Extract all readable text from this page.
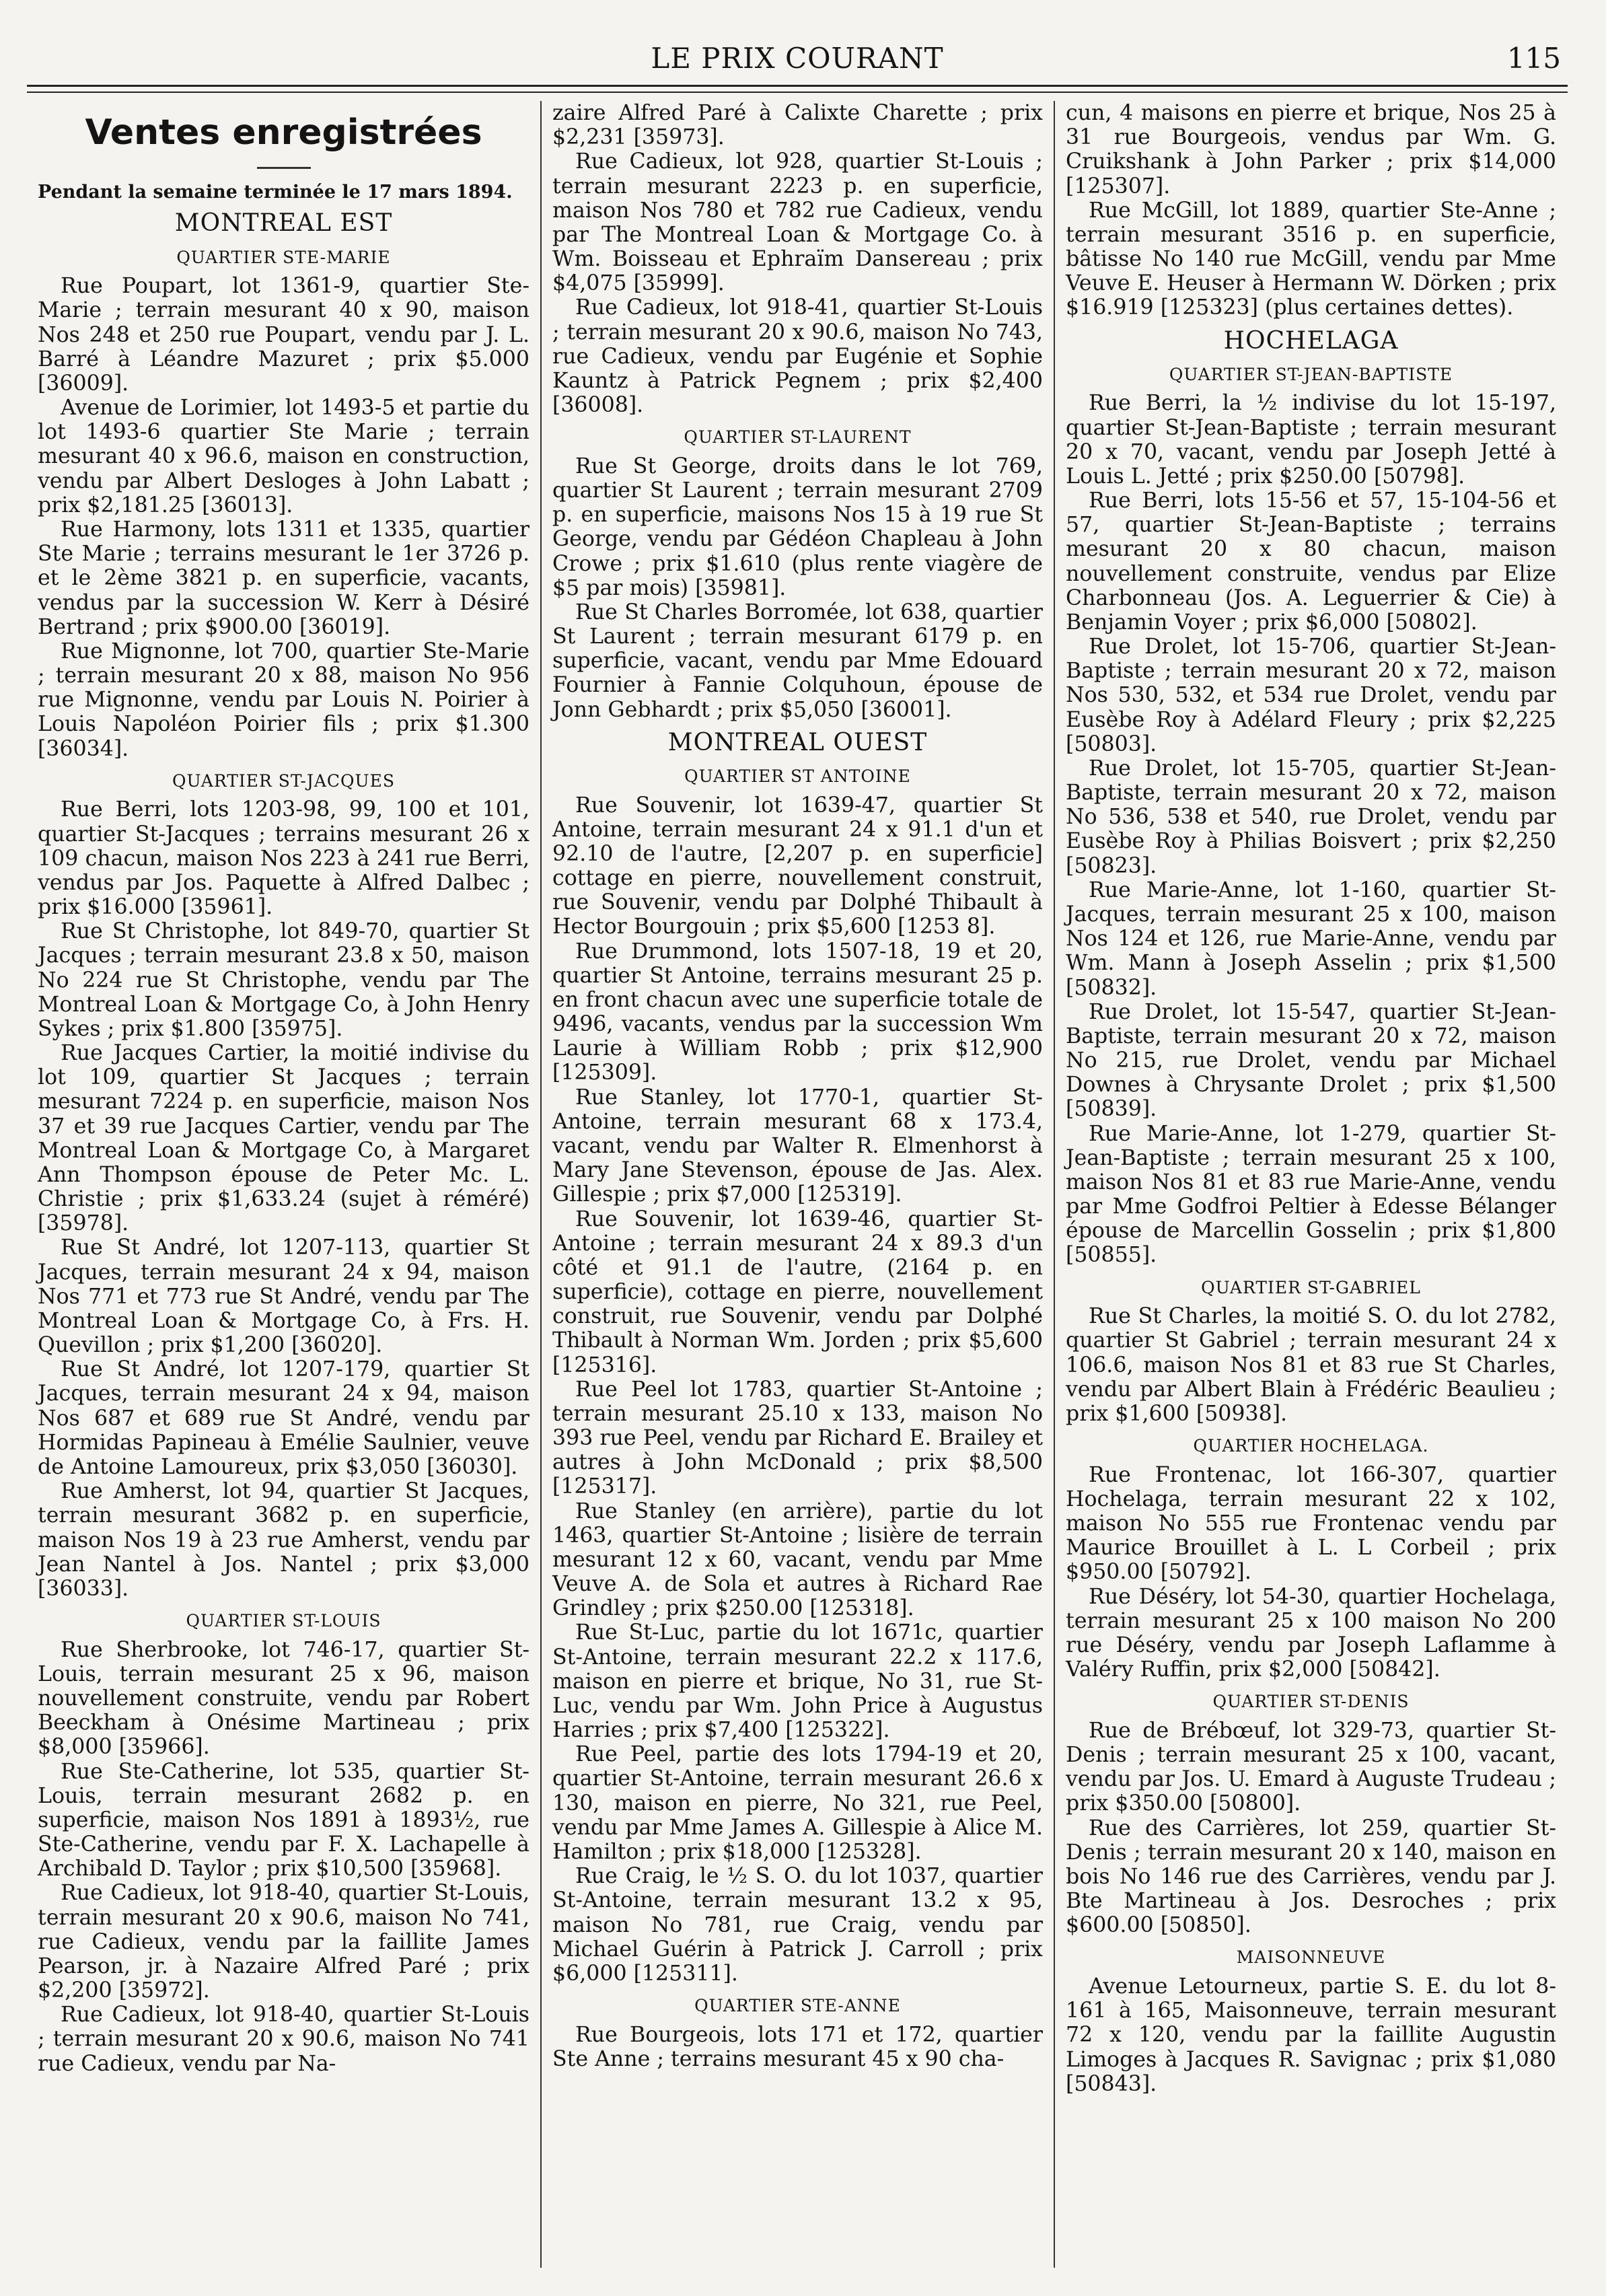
LE PRIX COURANT	115
Ventes enregistrées

Pendant la semaine terminée le 17 mars 1894.

MONTREAL EST
QUARTIER STE-MARIE

Rue Poupart, lot 1361-9, quartier Ste-Marie ; terrain mesurant 40 x 90, maison Nos 248 et 250 rue Poupart, vendu par J. L. Barré à Léandre Mazuret ; prix $5.000 [36009].

Avenue de Lorimier, lot 1493-5 et partie du lot 1493-6 quartier Ste Marie ; terrain mesurant 40 x 96.6, maison en construction, vendu par Albert Desloges à John Labatt ; prix $2,181.25 [36013].

Rue Harmony, lots 1311 et 1335, quartier Ste Marie ; terrains mesurant le 1er 3726 p. et le 2ème 3821 p. en superficie, vacants, vendus par la succession W. Kerr à Désiré Bertrand ; prix $900.00 [36019].

Rue Mignonne, lot 700, quartier Ste-Marie ; terrain mesurant 20 x 88, maison No 956 rue Mignonne, vendu par Louis N. Poirier à Louis Napoléon Poirier fils ; prix $1.300 [36034].

QUARTIER ST-JACQUES

Rue Berri, lots 1203-98, 99, 100 et 101, quartier St-Jacques ; terrains mesurant 26 x 109 chacun, maison Nos 223 à 241 rue Berri, vendus par Jos. Paquette à Alfred Dalbec ; prix $16.000 [35961].

Rue St Christophe, lot 849-70, quartier St Jacques ; terrain mesurant 23.8 x 50, maison No 224 rue St Christophe, vendu par The Montreal Loan & Mortgage Co, à John Henry Sykes ; prix $1.800 [35975].

Rue Jacques Cartier, la moitié indivise du lot 109, quartier St Jacques ; terrain mesurant 7224 p. en superficie, maison Nos 37 et 39 rue Jacques Cartier, vendu par The Montreal Loan & Mortgage Co, à Margaret Ann Thompson épouse de Peter Mc. L. Christie ; prix $1,633.24 (sujet à réméré) [35978].

Rue St André, lot 1207-113, quartier St Jacques, terrain mesurant 24 x 94, maison Nos 771 et 773 rue St André, vendu par The Montreal Loan & Mortgage Co, à Frs. H. Quevillon ; prix $1,200 [36020].

Rue St André, lot 1207-179, quartier St Jacques, terrain mesurant 24 x 94, maison Nos 687 et 689 rue St André, vendu par Hormidas Papineau à Emélie Saulnier, veuve de Antoine Lamoureux, prix $3,050 [36030].

Rue Amherst, lot 94, quartier St Jacques, terrain mesurant 3682 p. en superficie, maison Nos 19 à 23 rue Amherst, vendu par Jean Nantel à Jos. Nantel ; prix $3,000 [36033].

QUARTIER ST-LOUIS

Rue Sherbrooke, lot 746-17, quartier St-Louis, terrain mesurant 25 x 96, maison nouvellement construite, vendu par Robert Beeckham à Onésime Martineau ; prix $8,000 [35966].

Rue Ste-Catherine, lot 535, quartier St-Louis, terrain mesurant 2682 p. en superficie, maison Nos 1891 à 1893½, rue Ste-Catherine, vendu par F. X. Lachapelle à Archibald D. Taylor ; prix $10,500 [35968].

Rue Cadieux, lot 918-40, quartier St-Louis, terrain mesurant 20 x 90.6, maison No 741, rue Cadieux, vendu par la faillite James Pearson, jr. à Nazaire Alfred Paré ; prix $2,200 [35972].

Rue Cadieux, lot 918-40, quartier St-Louis ; terrain mesurant 20 x 90.6, maison No 741 rue Cadieux, vendu par Na-

zaire Alfred Paré à Calixte Charette ; prix $2,231 [35973].

Rue Cadieux, lot 928, quartier St-Louis ; terrain mesurant 2223 p. en superficie, maison Nos 780 et 782 rue Cadieux, vendu par The Montreal Loan & Mortgage Co. à Wm. Boisseau et Ephraïm Dansereau ; prix $4,075 [35999].

Rue Cadieux, lot 918-41, quartier St-Louis ; terrain mesurant 20 x 90.6, maison No 743, rue Cadieux, vendu par Eugénie et Sophie Kauntz à Patrick Pegnem ; prix $2,400 [36008].

QUARTIER ST-LAURENT

Rue St George, droits dans le lot 769, quartier St Laurent ; terrain mesurant 2709 p. en superficie, maisons Nos 15 à 19 rue St George, vendu par Gédéon Chapleau à John Crowe ; prix $1.610 (plus rente viagère de $5 par mois) [35981].

Rue St Charles Borromée, lot 638, quartier St Laurent ; terrain mesurant 6179 p. en superficie, vacant, vendu par Mme Edouard Fournier à Fannie Colquhoun, épouse de Jonn Gebhardt ; prix $5,050 [36001].

MONTREAL OUEST
QUARTIER ST ANTOINE

Rue Souvenir, lot 1639-47, quartier St Antoine, terrain mesurant 24 x 91.1 d'un et 92.10 de l'autre, [2,207 p. en superficie] cottage en pierre, nouvellement construit, rue Souvenir, vendu par Dolphé Thibault à Hector Bourgouin ; prix $5,600 [1253 8].

Rue Drummond, lots 1507-18, 19 et 20, quartier St Antoine, terrains mesurant 25 p. en front chacun avec une superficie totale de 9496, vacants, vendus par la succession Wm Laurie à William Robb ; prix $12,900 [125309].

Rue Stanley, lot 1770-1, quartier St-Antoine, terrain mesurant 68 x 173.4, vacant, vendu par Walter R. Elmenhorst à Mary Jane Stevenson, épouse de Jas. Alex. Gillespie ; prix $7,000 [125319].

Rue Souvenir, lot 1639-46, quartier St-Antoine ; terrain mesurant 24 x 89.3 d'un côté et 91.1 de l'autre, (2164 p. en superficie), cottage en pierre, nouvellement construit, rue Souvenir, vendu par Dolphé Thibault à Norman Wm. Jorden ; prix $5,600 [125316].

Rue Peel lot 1783, quartier St-Antoine ; terrain mesurant 25.10 x 133, maison No 393 rue Peel, vendu par Richard E. Brailey et autres à John McDonald ; prix $8,500 [125317].

Rue Stanley (en arrière), partie du lot 1463, quartier St-Antoine ; lisière de terrain mesurant 12 x 60, vacant, vendu par Mme Veuve A. de Sola et autres à Richard Rae Grindley ; prix $250.00 [125318].

Rue St-Luc, partie du lot 1671c, quartier St-Antoine, terrain mesurant 22.2 x 117.6, maison en pierre et brique, No 31, rue St-Luc, vendu par Wm. John Price à Augustus Harries ; prix $7,400 [125322].

Rue Peel, partie des lots 1794-19 et 20, quartier St-Antoine, terrain mesurant 26.6 x 130, maison en pierre, No 321, rue Peel, vendu par Mme James A. Gillespie à Alice M. Hamilton ; prix $18,000 [125328].

Rue Craig, le ½ S. O. du lot 1037, quartier St-Antoine, terrain mesurant 13.2 x 95, maison No 781, rue Craig, vendu par Michael Guérin à Patrick J. Carroll ; prix $6,000 [125311].

QUARTIER STE-ANNE

Rue Bourgeois, lots 171 et 172, quartier Ste Anne ; terrains mesurant 45 x 90 cha-

cun, 4 maisons en pierre et brique, Nos 25 à 31 rue Bourgeois, vendus par Wm. G. Cruikshank à John Parker ; prix $14,000 [125307].

Rue McGill, lot 1889, quartier Ste-Anne ; terrain mesurant 3516 p. en superficie, bâtisse No 140 rue McGill, vendu par Mme Veuve E. Heuser à Hermann W. Dörken ; prix $16.919 [125323] (plus certaines dettes).

HOCHELAGA
QUARTIER ST-JEAN-BAPTISTE

Rue Berri, la ½ indivise du lot 15-197, quartier St-Jean-Baptiste ; terrain mesurant 20 x 70, vacant, vendu par Joseph Jetté à Louis L. Jetté ; prix $250.00 [50798].

Rue Berri, lots 15-56 et 57, 15-104-56 et 57, quartier St-Jean-Baptiste ; terrains mesurant 20 x 80 chacun, maison nouvellement construite, vendus par Elize Charbonneau (Jos. A. Leguerrier & Cie) à Benjamin Voyer ; prix $6,000 [50802].

Rue Drolet, lot 15-706, quartier St-Jean-Baptiste ; terrain mesurant 20 x 72, maison Nos 530, 532, et 534 rue Drolet, vendu par Eusèbe Roy à Adélard Fleury ; prix $2,225 [50803].

Rue Drolet, lot 15-705, quartier St-Jean-Baptiste, terrain mesurant 20 x 72, maison No 536, 538 et 540, rue Drolet, vendu par Eusèbe Roy à Philias Boisvert ; prix $2,250 [50823].

Rue Marie-Anne, lot 1-160, quartier St-Jacques, terrain mesurant 25 x 100, maison Nos 124 et 126, rue Marie-Anne, vendu par Wm. Mann à Joseph Asselin ; prix $1,500 [50832].

Rue Drolet, lot 15-547, quartier St-Jean-Baptiste, terrain mesurant 20 x 72, maison No 215, rue Drolet, vendu par Michael Downes à Chrysante Drolet ; prix $1,500 [50839].

Rue Marie-Anne, lot 1-279, quartier St-Jean-Baptiste ; terrain mesurant 25 x 100, maison Nos 81 et 83 rue Marie-Anne, vendu par Mme Godfroi Peltier à Edesse Bélanger épouse de Marcellin Gosselin ; prix $1,800 [50855].

QUARTIER ST-GABRIEL

Rue St Charles, la moitié S. O. du lot 2782, quartier St Gabriel ; terrain mesurant 24 x 106.6, maison Nos 81 et 83 rue St Charles, vendu par Albert Blain à Frédéric Beaulieu ; prix $1,600 [50938].

QUARTIER HOCHELAGA.

Rue Frontenac, lot 166-307, quartier Hochelaga, terrain mesurant 22 x 102, maison No 555 rue Frontenac vendu par Maurice Brouillet à L. L Corbeil ; prix $950.00 [50792].

Rue Déséry, lot 54-30, quartier Hochelaga, terrain mesurant 25 x 100 maison No 200 rue Déséry, vendu par Joseph Laflamme à Valéry Ruffin, prix $2,000 [50842].

QUARTIER ST-DENIS

Rue de Brébœuf, lot 329-73, quartier St-Denis ; terrain mesurant 25 x 100, vacant, vendu par Jos. U. Emard à Auguste Trudeau ; prix $350.00 [50800].

Rue des Carrières, lot 259, quartier St-Denis ; terrain mesurant 20 x 140, maison en bois No 146 rue des Carrières, vendu par J. Bte Martineau à Jos. Desroches ; prix $600.00 [50850].

MAISONNEUVE

Avenue Letourneux, partie S. E. du lot 8-161 à 165, Maisonneuve, terrain mesurant 72 x 120, vendu par la faillite Augustin Limoges à Jacques R. Savignac ; prix $1,080 [50843].
